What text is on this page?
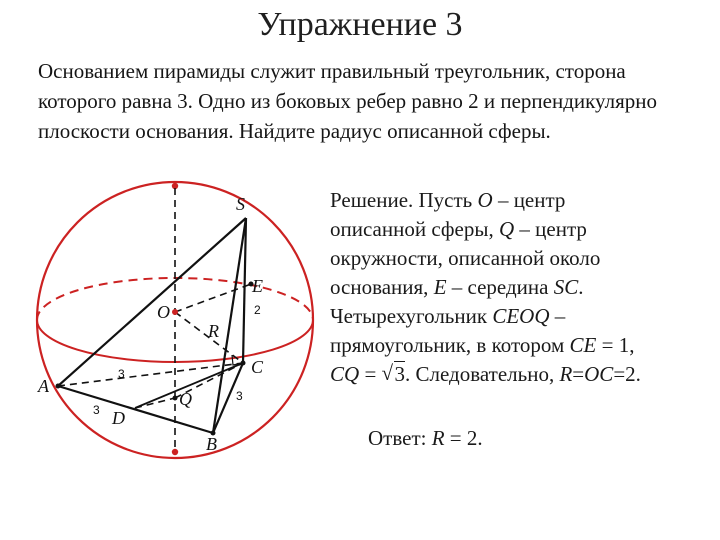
Упражнение 3
Основанием пирамиды служит правильный треугольник, сторона которого равна 3. Одно из боковых ребер равно 2 и перпендикулярно плоскости основания. Найдите радиус описанной сферы.
Решение. Пусть O – центр
описанной сферы, Q – центр
окружности, описанной около
основания, E – середина SC.
Четырехугольник CEOQ –
прямоугольник, в котором CE = 1,
CQ = √ 3. Следовательно, R=OC=2.
Ответ: R = 2.
S
E
2
O
R
C
A
3
3
3
Q
D
B
